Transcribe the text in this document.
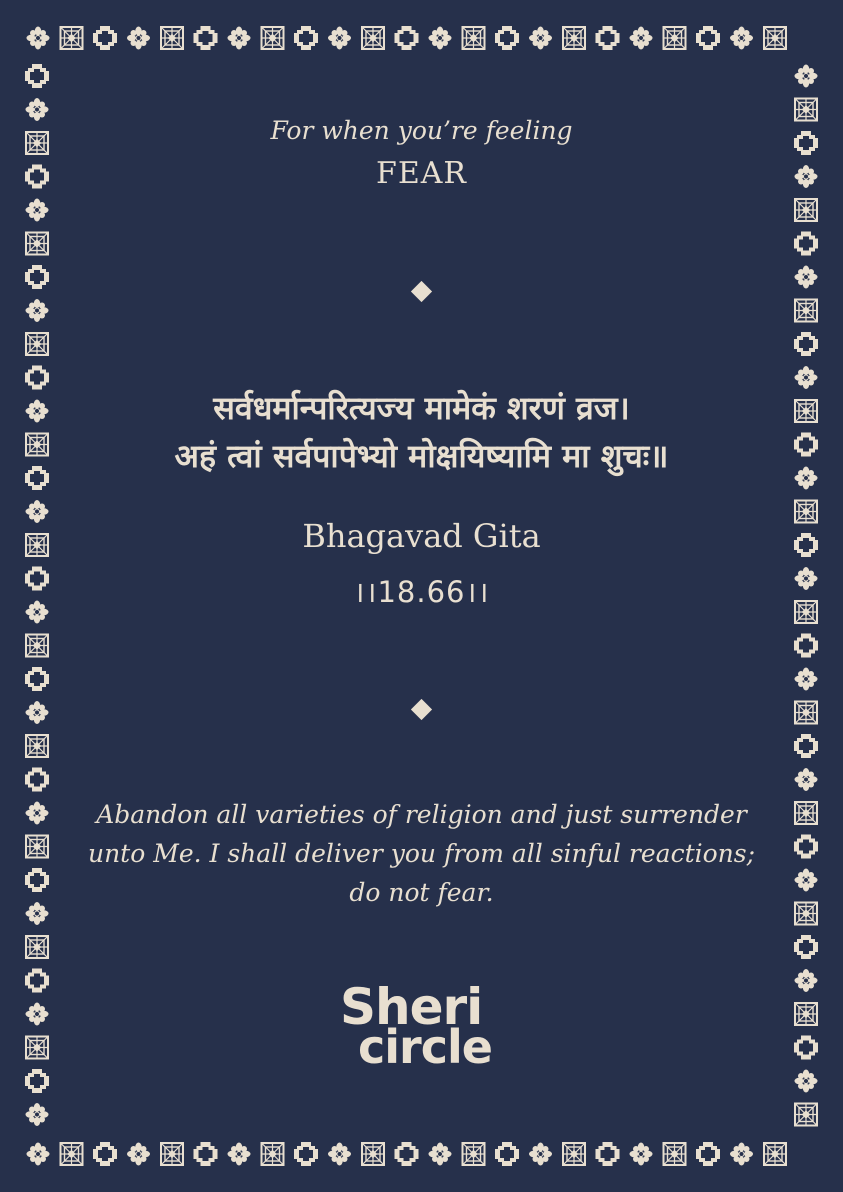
For when you’re feeling
FEAR
सर्वधर्मान्परित्यज्य मामेकं शरणं व्रज।
अहं त्वां सर्वपापेभ्यो मोक्षयिष्यामि मा शुचः॥
Bhagavad Gita
।।18.66।।
Abandon all varieties of religion and just surrender
unto Me. I shall deliver you from all sinful reactions;
do not fear.
Sheri
circle
